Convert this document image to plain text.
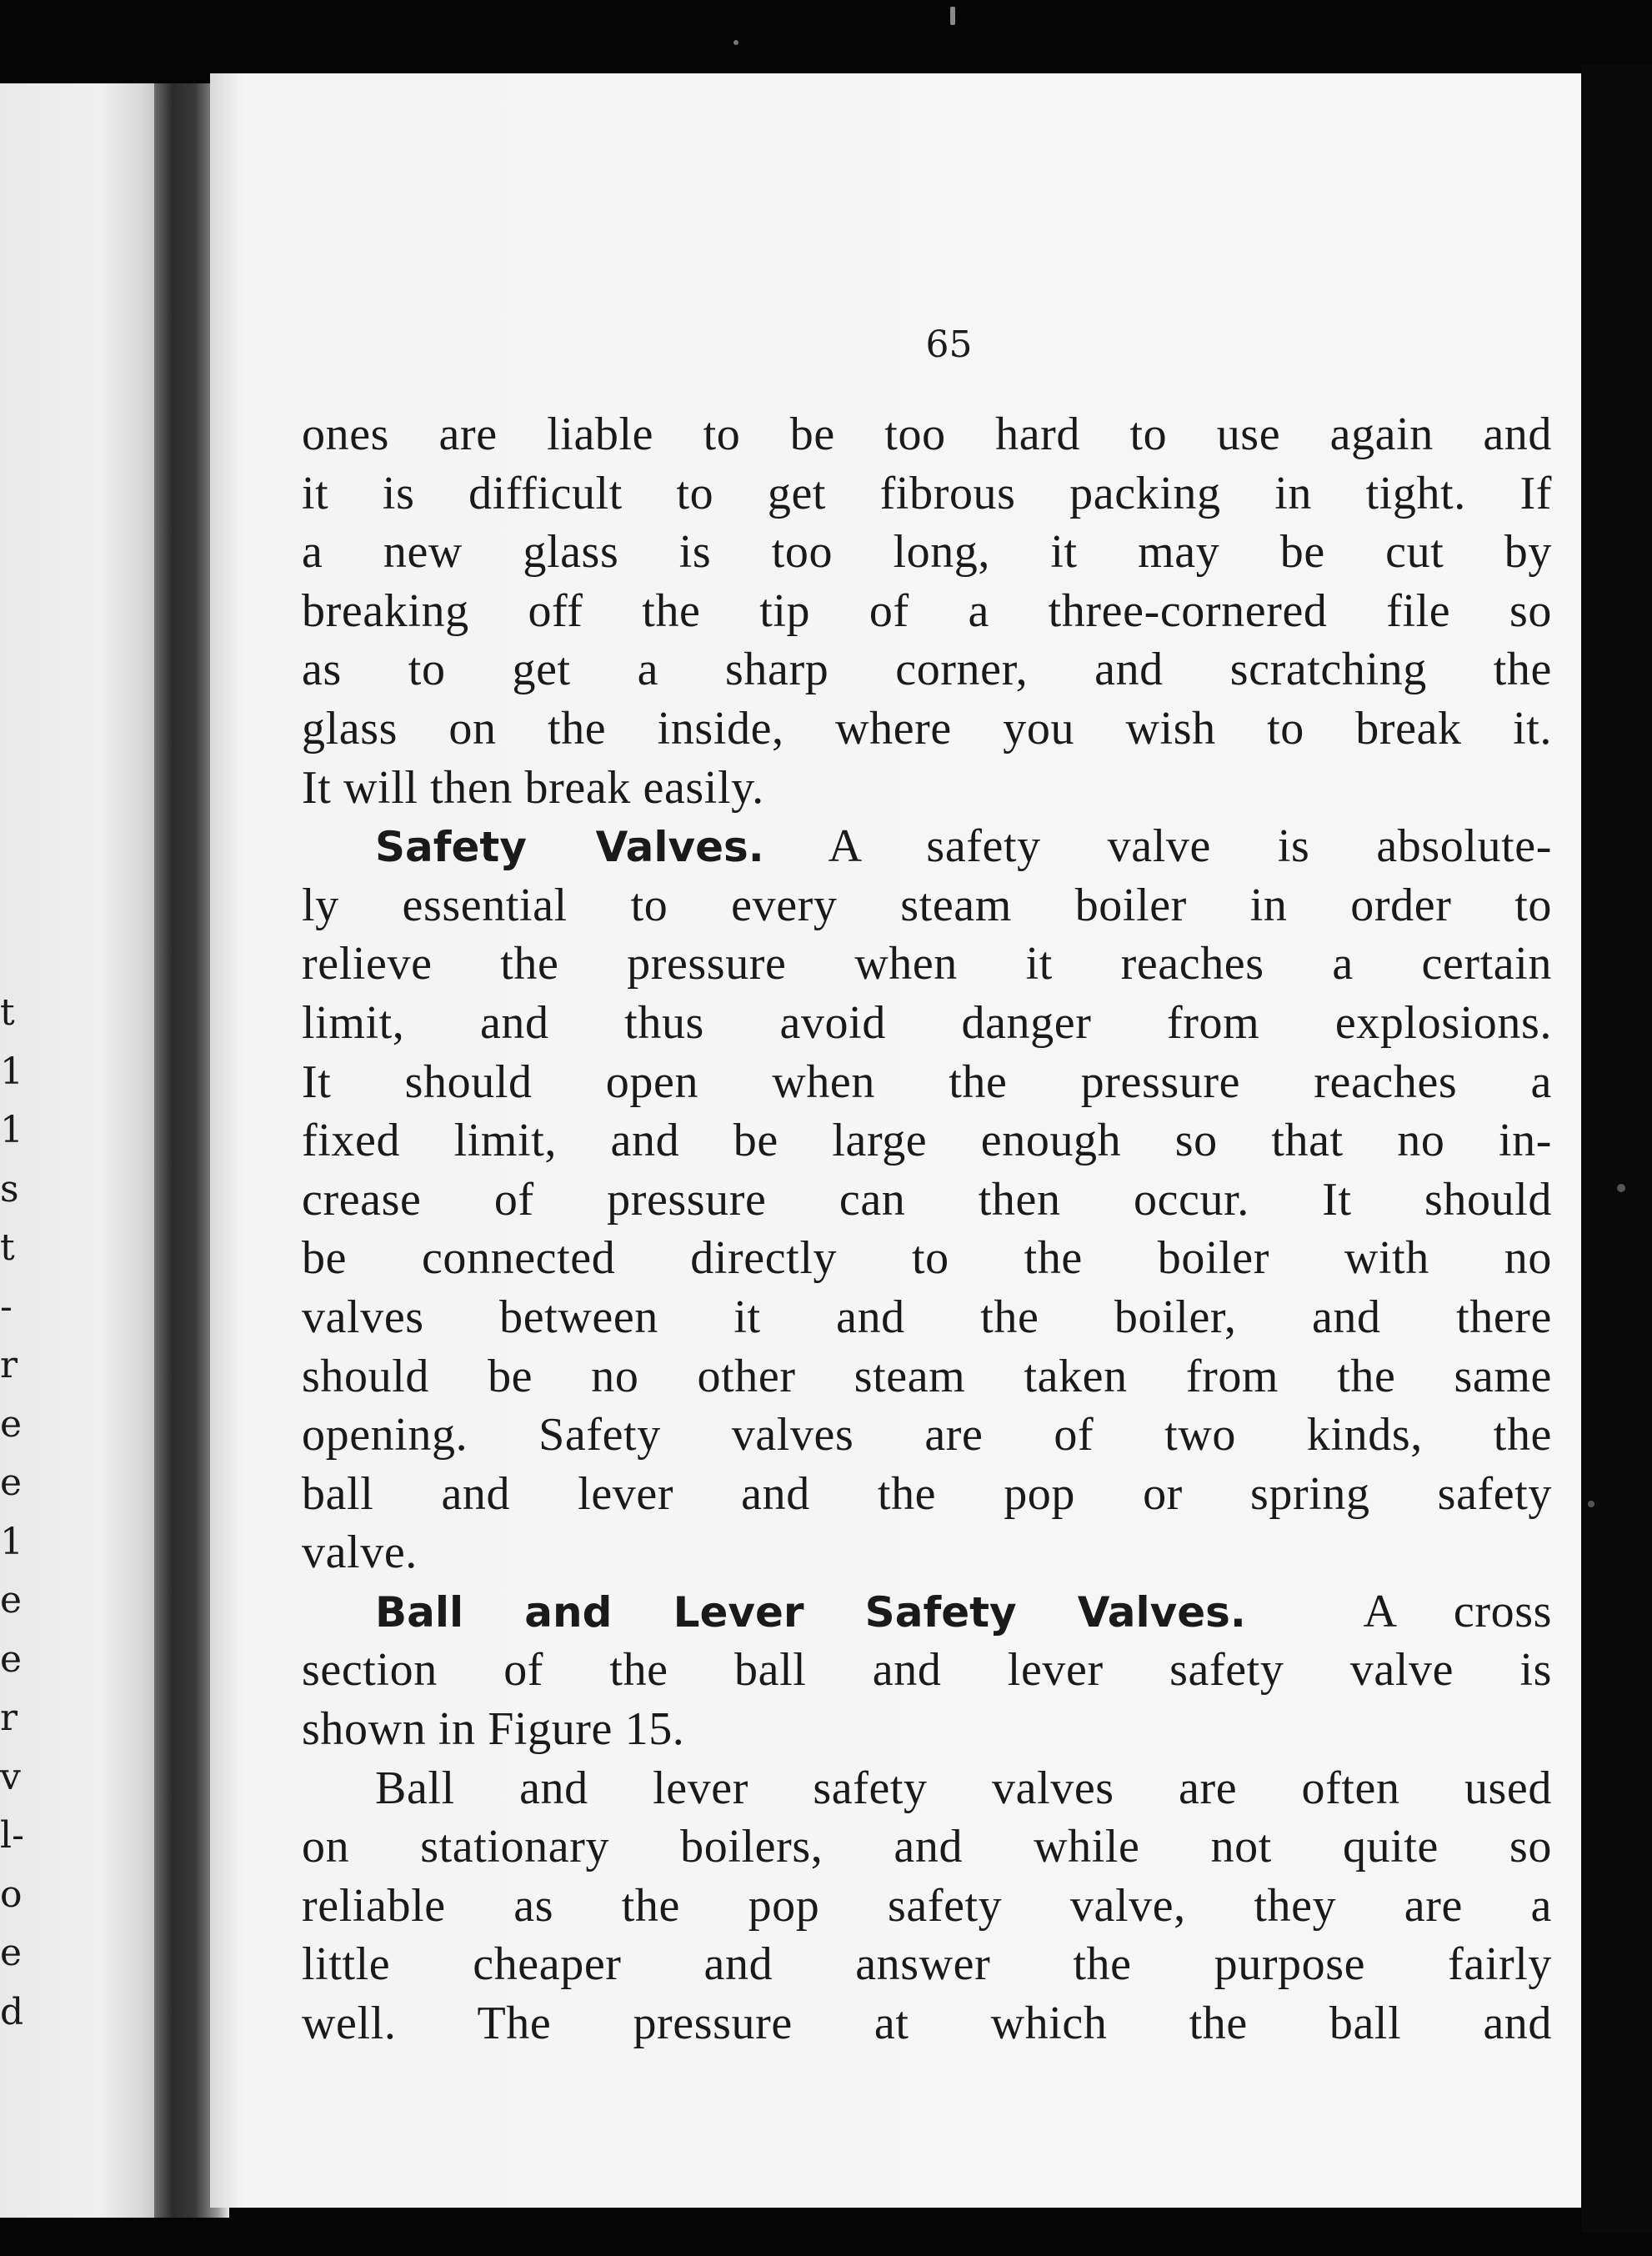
t
1
1
s
t
-
r
e
e
1
e
e
r
v
l-
o
e
d
65
ones are liable to be too hard to use again and
it is difficult to get fibrous packing in tight. If
a new glass is too long, it may be cut by
breaking off the tip of a three-cornered file so
as to get a sharp corner, and scratching the
glass on the inside, where you wish to break it.
It will then break easily.
Safety Valves. A safety valve is absolute-
ly essential to every steam boiler in order to
relieve the pressure when it reaches a certain
limit, and thus avoid danger from explosions.
It should open when the pressure reaches a
fixed limit, and be large enough so that no in-
crease of pressure can then occur. It should
be connected directly to the boiler with no
valves between it and the boiler, and there
should be no other steam taken from the same
opening. Safety valves are of two kinds, the
ball and lever and the pop or spring safety
valve.
Ball and Lever Safety Valves.	A cross
section of the ball and lever safety valve is
shown in Figure 15.
Ball and lever safety valves are often used
on stationary boilers, and while not quite so
reliable as the pop safety valve, they are a
little cheaper and answer the purpose fairly
well. The pressure at which the ball and
